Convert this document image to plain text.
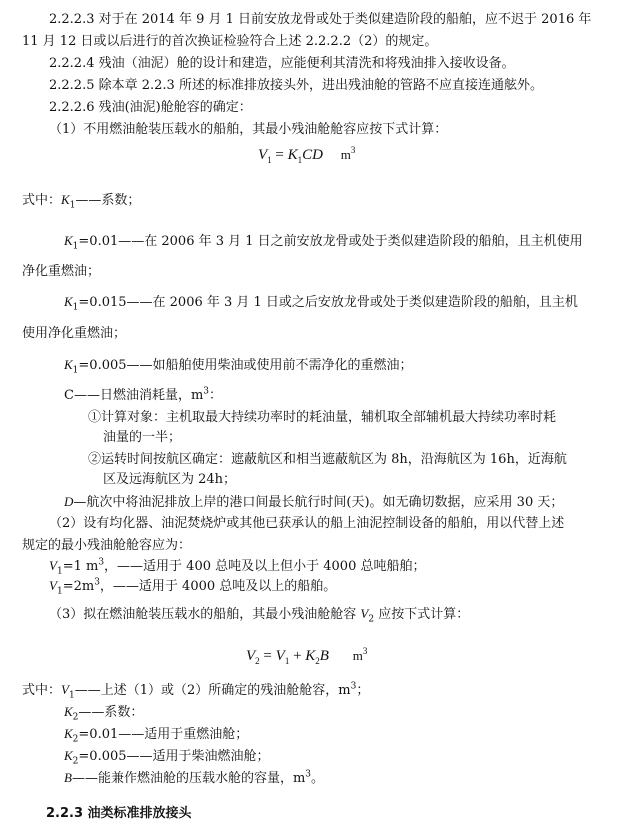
2.2.2.3 对于在 2014 年 9 月 1 日前安放龙骨或处于类似建造阶段的船舶，应不迟于 2016 年
11 月 12 日或以后进行的首次换证检验符合上述 2.2.2.2（2）的规定。
2.2.2.4 残油（油泥）舱的设计和建造，应能便利其清洗和将残油排入接收设备。
2.2.2.5 除本章 2.2.3 所述的标准排放接头外，进出残油舱的管路不应直接连通舷外。
2.2.2.6 残油(油泥)舱舱容的确定：
（1）不用燃油舱装压载水的船舶，其最小残油舱舱容应按下式计算：
$V_1 = K_1CD$ $m^3$
式中：$K_1——$系数；
$K_1=0.01——$在 2006 年 3 月 1 日之前安放龙骨或处于类似建造阶段的船舶，且主机使用
净化重燃油；
$K_1=0.015——$在 2006 年 3 月 1 日或之后安放龙骨或处于类似建造阶段的船舶，且主机
使用净化重燃油；
$K_1=0.005——$如船舶使用柴油或使用前不需净化的重燃油；
C——日燃油消耗量，$m^3$：
①计算对象：主机取最大持续功率时的耗油量，辅机取全部辅机最大持续功率时耗
油量的一半；
②运转时间按航区确定：遮蔽航区和相当遮蔽航区为 8h，沿海航区为 16h，近海航
区及远海航区为 24h；
D—航次中将油泥排放上岸的港口间最长航行时间(天)。如无确切数据，应采用 30 天；
（2）设有均化器、油泥焚烧炉或其他已获承认的船上油泥控制设备的船舶，用以代替上述
规定的最小残油舱舱容应为：
$V_1=1$ $m^3$，——适用于 400 总吨及以上但小于 4000 总吨船舶；
$V_1=2m^3$，——适用于 4000 总吨及以上的船舶。
（3）拟在燃油舱装压载水的船舶，其最小残油舱舱容 $V_2$ 应按下式计算：
$V_2 = V_1 + K_2B$ $m^3$
式中：$V_1——$上述（1）或（2）所确定的残油舱舱容，$m^3$；
$K_2——$系数：
$K_2=0.01——$适用于重燃油舱；
$K_2=0.005——$适用于柴油燃油舱；
B——能兼作燃油舱的压载水舱的容量，$m^3$。
2.2.3 油类标准排放接头
